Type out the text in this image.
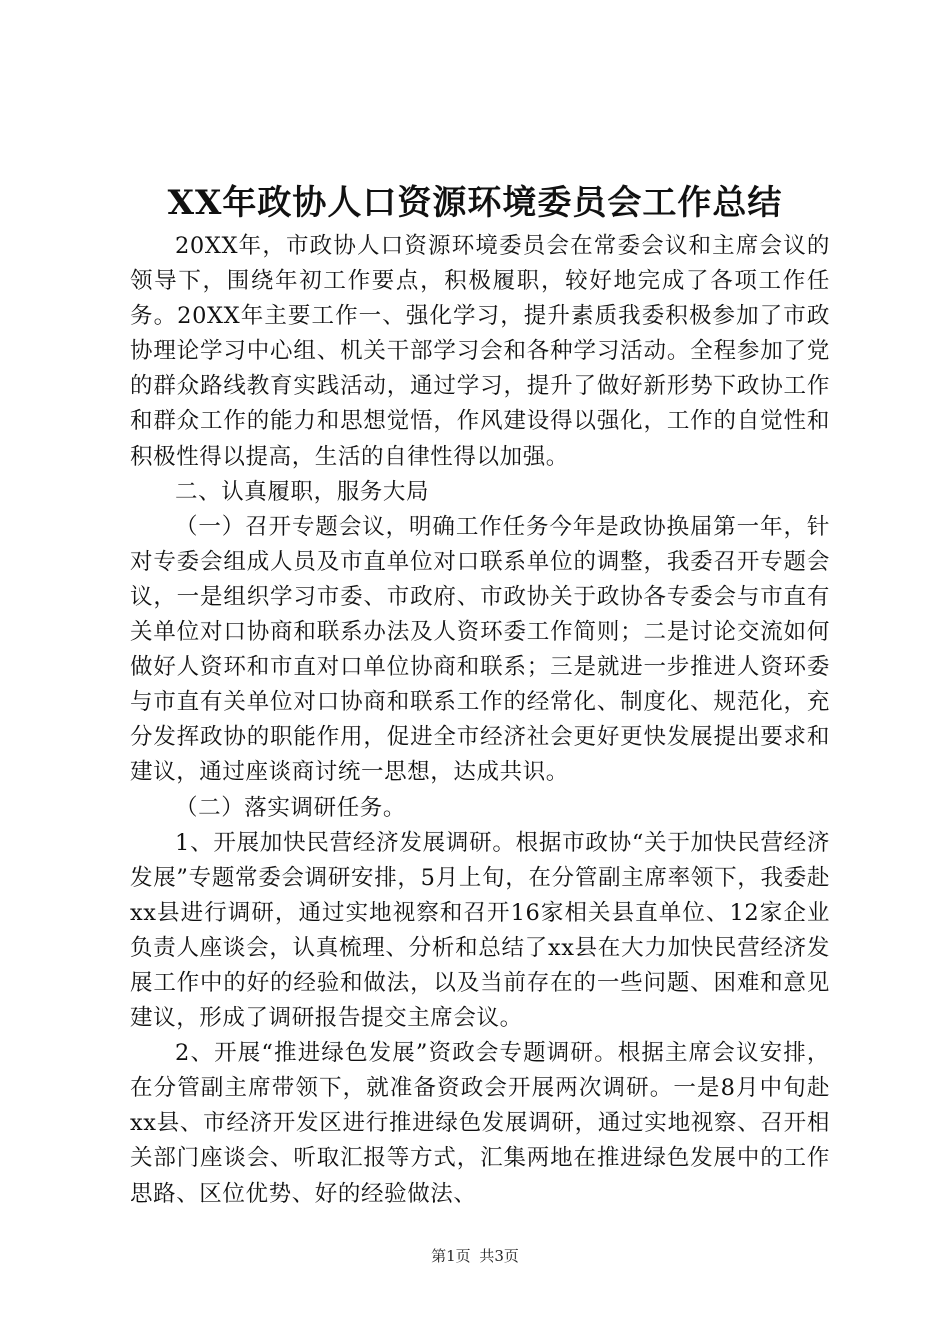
XX年政协人口资源环境委员会工作总结

20XX年，市政协人口资源环境委员会在常委会议和主席会议的领导下，围绕年初工作要点，积极履职，较好地完成了各项工作任务。20XX年主要工作一、强化学习，提升素质我委积极参加了市政协理论学习中心组、机关干部学习会和各种学习活动。全程参加了党的群众路线教育实践活动，通过学习，提升了做好新形势下政协工作和群众工作的能力和思想觉悟，作风建设得以强化，工作的自觉性和积极性得以提高，生活的自律性得以加强。

二、认真履职，服务大局

（一）召开专题会议，明确工作任务今年是政协换届第一年，针对专委会组成人员及市直单位对口联系单位的调整，我委召开专题会议，一是组织学习市委、市政府、市政协关于政协各专委会与市直有关单位对口协商和联系办法及人资环委工作简则；二是讨论交流如何做好人资环和市直对口单位协商和联系；三是就进一步推进人资环委与市直有关单位对口协商和联系工作的经常化、制度化、规范化，充分发挥政协的职能作用，促进全市经济社会更好更快发展提出要求和建议，通过座谈商讨统一思想，达成共识。

（二）落实调研任务。

1、开展加快民营经济发展调研。根据市政协“关于加快民营经济发展”专题常委会调研安排，5月上旬，在分管副主席率领下，我委赴xx县进行调研，通过实地视察和召开16家相关县直单位、12家企业负责人座谈会，认真梳理、分析和总结了xx县在大力加快民营经济发展工作中的好的经验和做法，以及当前存在的一些问题、困难和意见建议，形成了调研报告提交主席会议。

2、开展“推进绿色发展”资政会专题调研。根据主席会议安排，在分管副主席带领下，就准备资政会开展两次调研。一是8月中旬赴xx县、市经济开发区进行推进绿色发展调研，通过实地视察、召开相关部门座谈会、听取汇报等方式，汇集两地在推进绿色发展中的工作思路、区位优势、好的经验做法、

第1页 共3页
